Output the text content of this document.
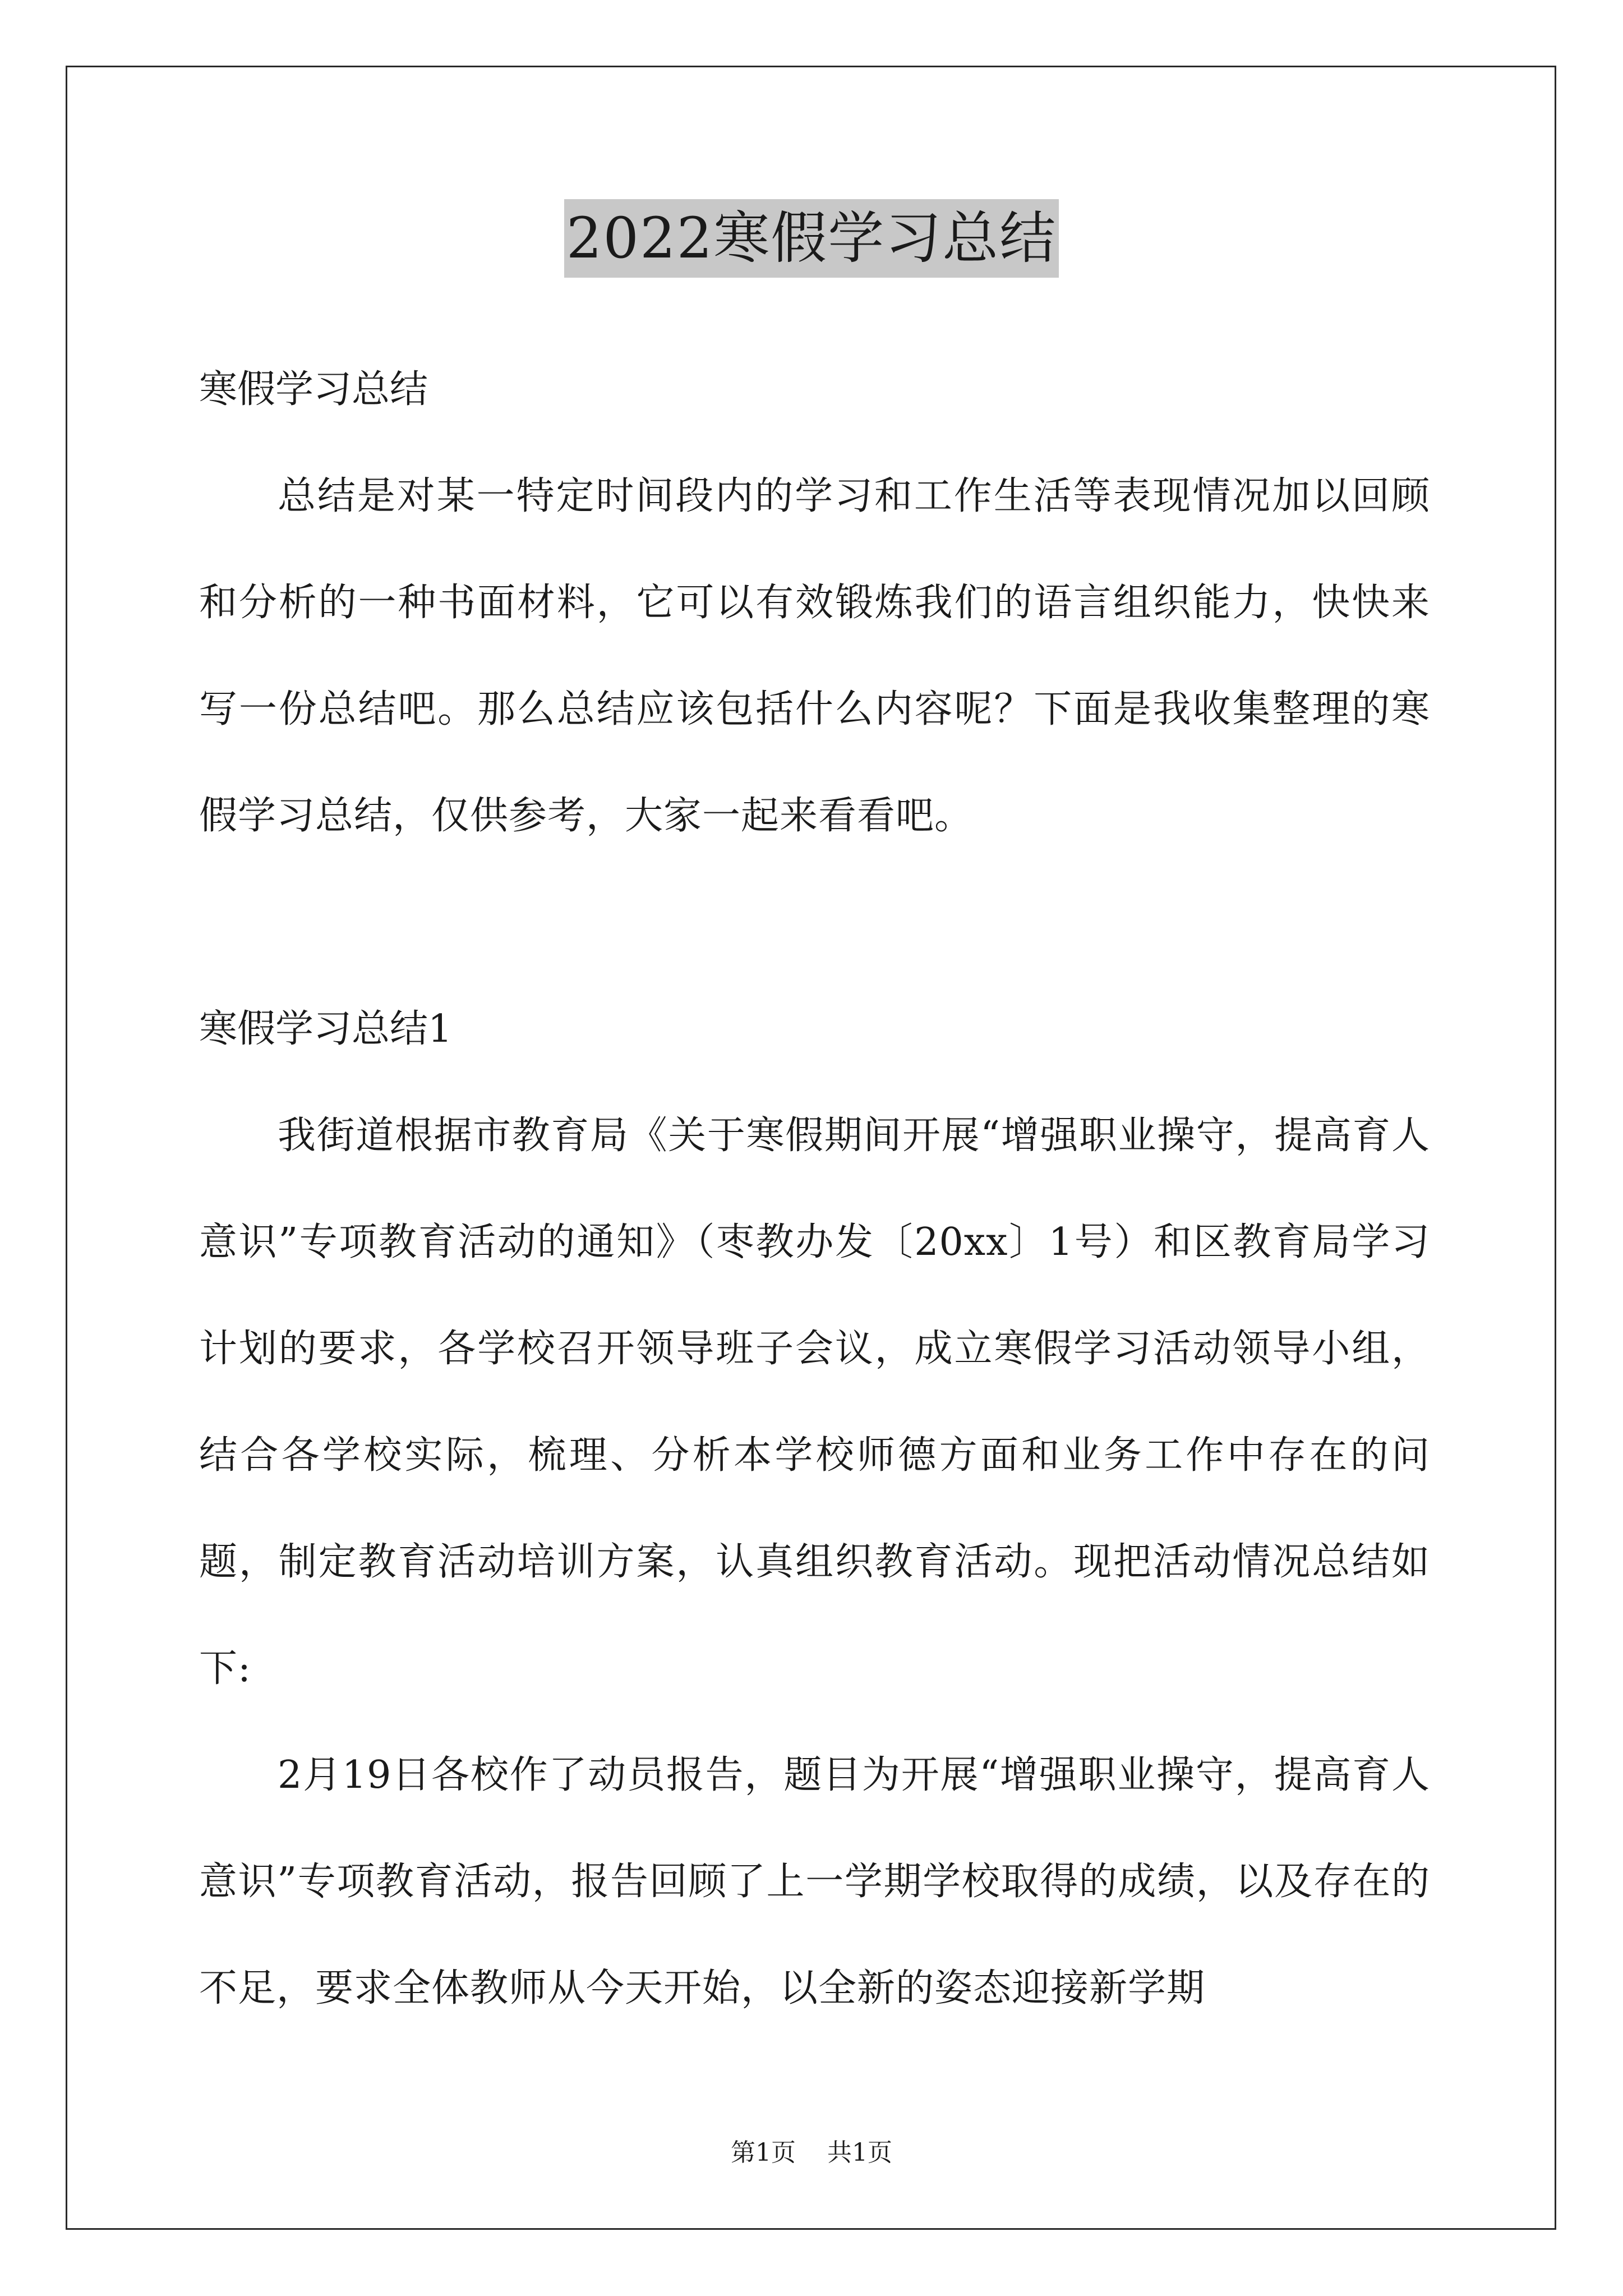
2022寒假学习总结

寒假学习总结

总结是对某一特定时间段内的学习和工作生活等表现情况加以回顾和分析的一种书面材料，它可以有效锻炼我们的语言组织能力，快快来写一份总结吧。那么总结应该包括什么内容呢？下面是我收集整理的寒假学习总结，仅供参考，大家一起来看看吧。

寒假学习总结1

我街道根据市教育局《关于寒假期间开展“增强职业操守，提高育人意识”专项教育活动的通知》（枣教办发〔20xx〕1号）和区教育局学习计划的要求，各学校召开领导班子会议，成立寒假学习活动领导小组，结合各学校实际，梳理、分析本学校师德方面和业务工作中存在的问题，制定教育活动培训方案，认真组织教育活动。现把活动情况总结如下:

2月19日各校作了动员报告，题目为开展“增强职业操守，提高育人意识”专项教育活动，报告回顾了上一学期学校取得的成绩，以及存在的不足，要求全体教师从今天开始，以全新的姿态迎接新学期

第1页 共1页
